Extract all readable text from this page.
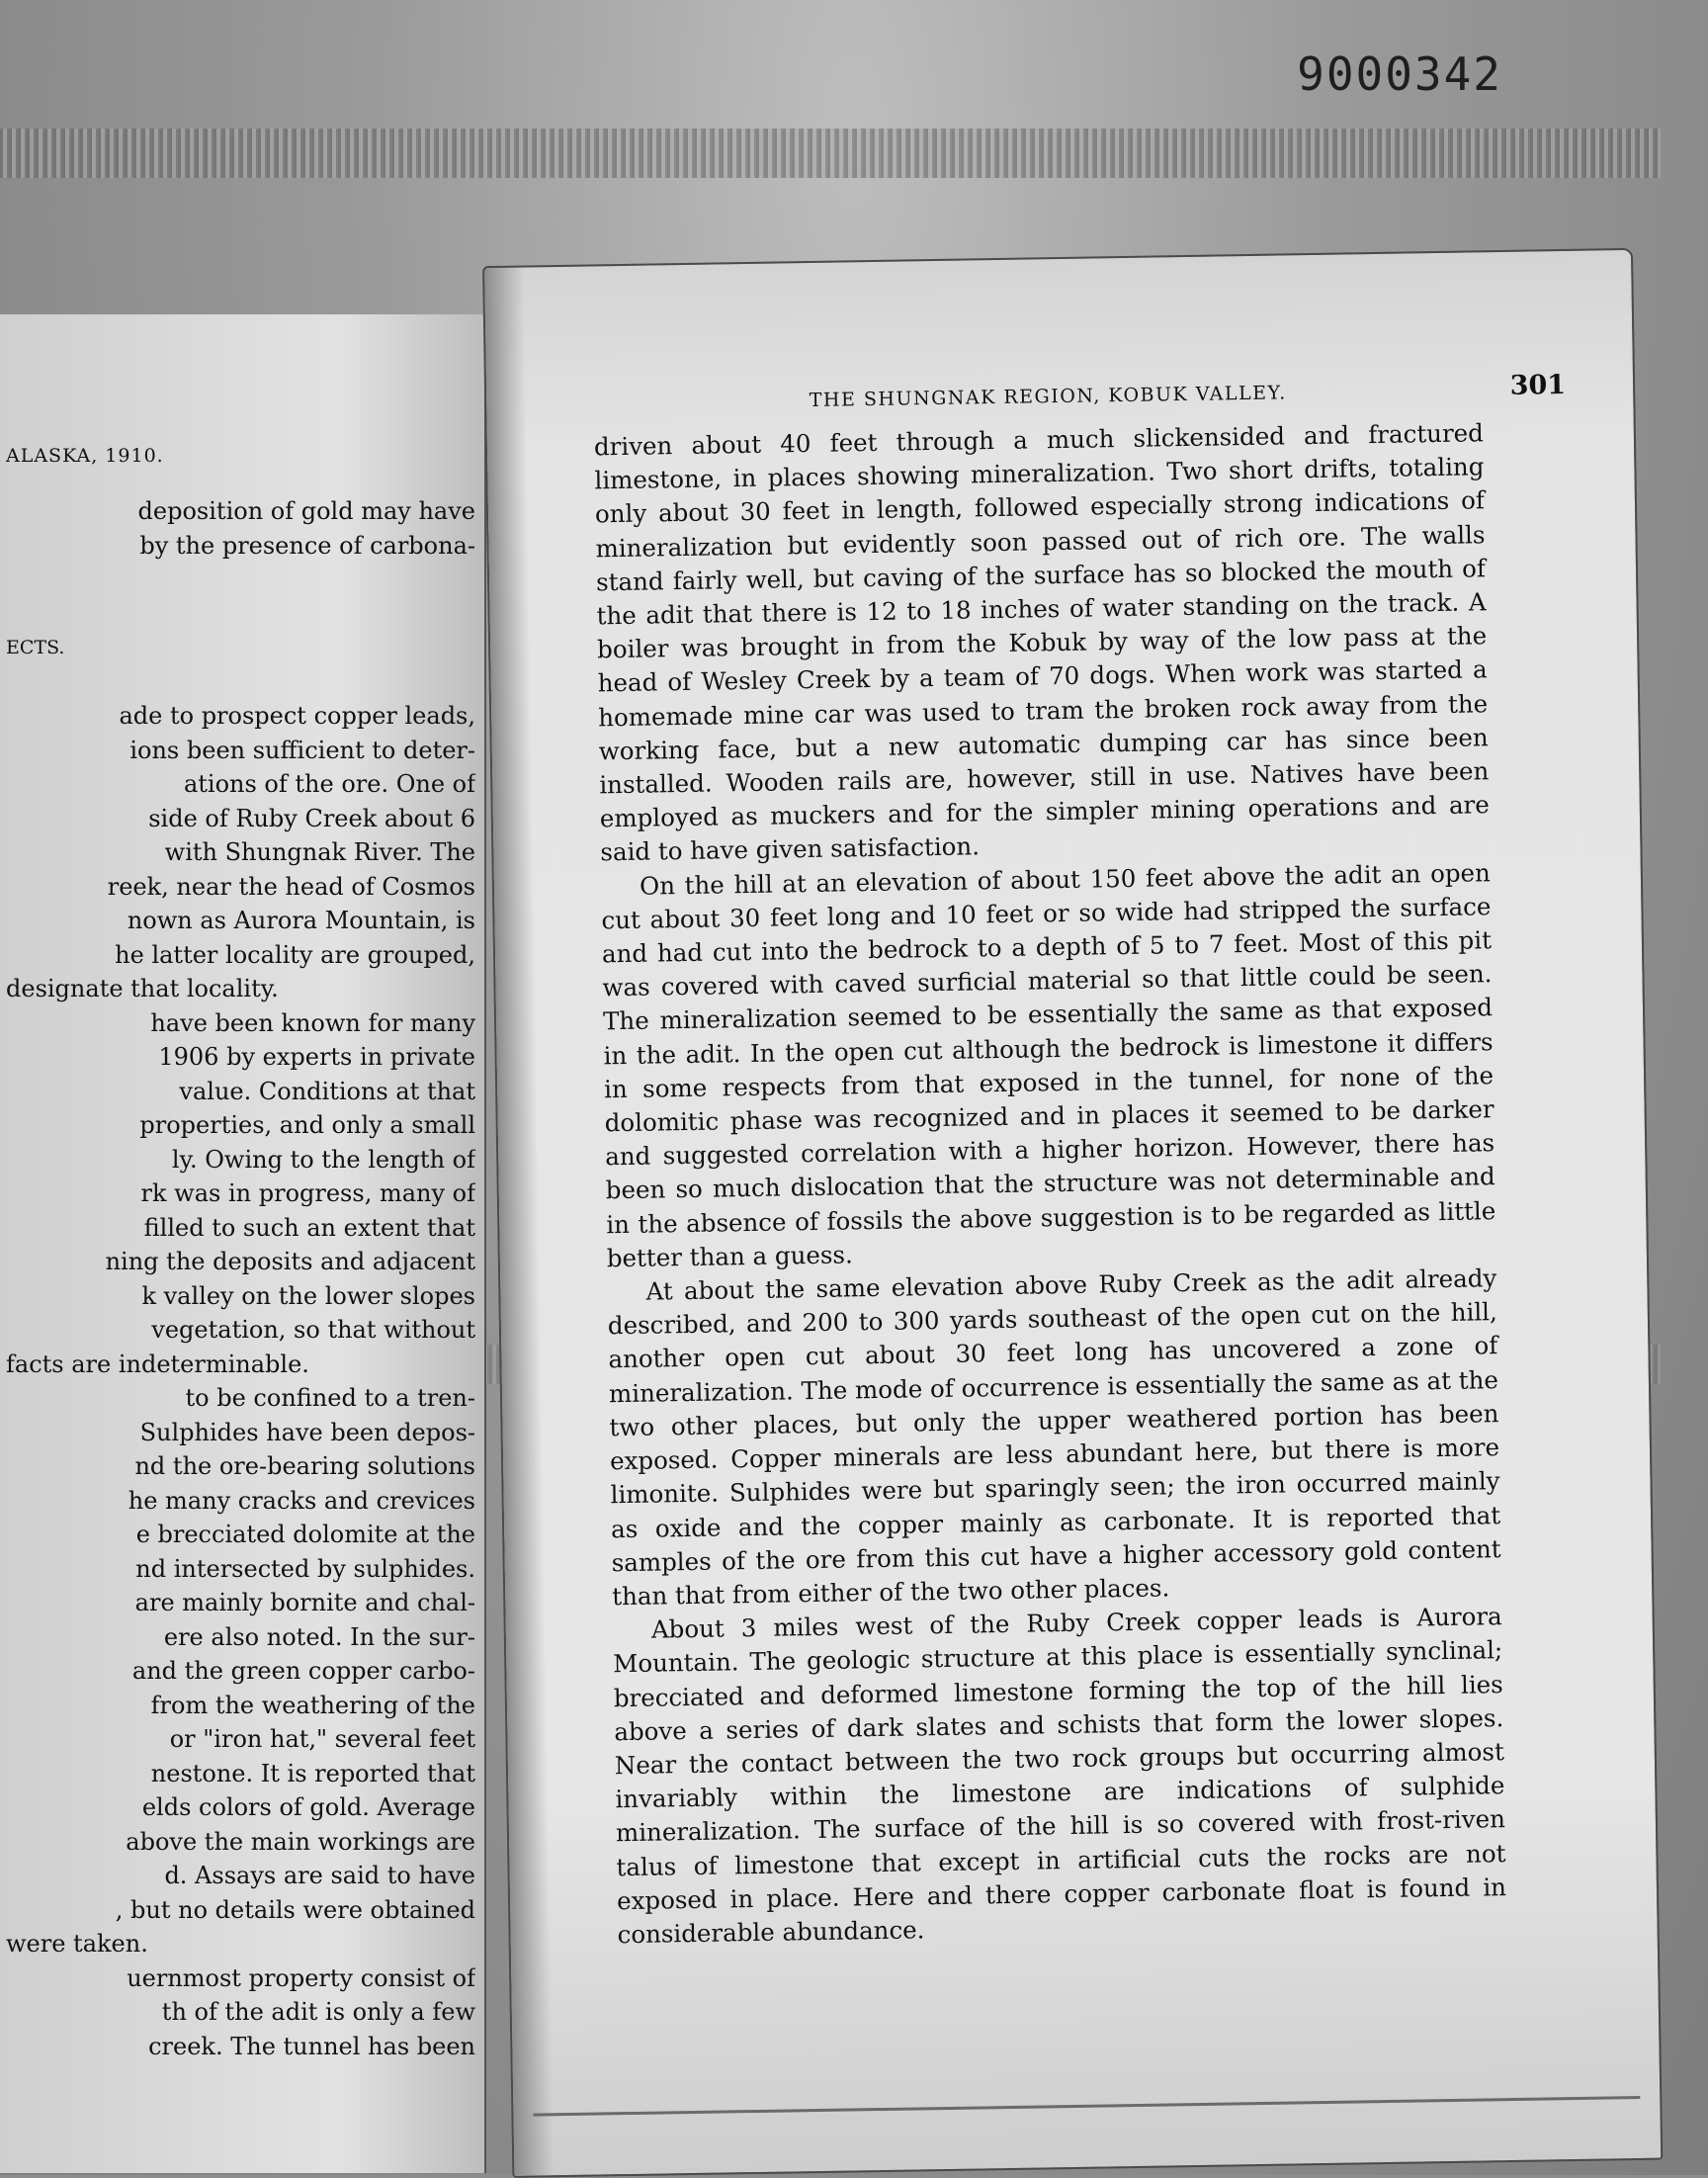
9000342
ALASKA, 1910.
deposition of gold may have
by the presence of carbona-

ECTS.

ade to prospect copper leads,
ions been sufficient to deter-
ations of the ore. One of
side of Ruby Creek about 6
with Shungnak River. The
reek, near the head of Cosmos
nown as Aurora Mountain, is
he latter locality are grouped,
designate that locality.
have been known for many
1906 by experts in private
value. Conditions at that
properties, and only a small
ly. Owing to the length of
rk was in progress, many of
filled to such an extent that
ning the deposits and adjacent
k valley on the lower slopes
vegetation, so that without
facts are indeterminable.
to be confined to a tren-
Sulphides have been depos-
nd the ore-bearing solutions
he many cracks and crevices
e brecciated dolomite at the
nd intersected by sulphides.
are mainly bornite and chal-
ere also noted. In the sur-
and the green copper carbo-
from the weathering of the
or "iron hat," several feet
nestone. It is reported that
elds colors of gold. Average
above the main workings are
d. Assays are said to have
, but no details were obtained
were taken.
uernmost property consist of
th of the adit is only a few
creek. The tunnel has been
THE SHUNGNAK REGION, KOBUK VALLEY.	301

driven about 40 feet through a much slickensided and fractured limestone, in places showing mineralization. Two short drifts, totaling only about 30 feet in length, followed especially strong indications of mineralization but evidently soon passed out of rich ore. The walls stand fairly well, but caving of the surface has so blocked the mouth of the adit that there is 12 to 18 inches of water standing on the track. A boiler was brought in from the Kobuk by way of the low pass at the head of Wesley Creek by a team of 70 dogs. When work was started a homemade mine car was used to tram the broken rock away from the working face, but a new automatic dumping car has since been installed. Wooden rails are, however, still in use. Natives have been employed as muckers and for the simpler mining operations and are said to have given satisfaction.

On the hill at an elevation of about 150 feet above the adit an open cut about 30 feet long and 10 feet or so wide had stripped the surface and had cut into the bedrock to a depth of 5 to 7 feet. Most of this pit was covered with caved surficial material so that little could be seen. The mineralization seemed to be essentially the same as that exposed in the adit. In the open cut although the bedrock is limestone it differs in some respects from that exposed in the tunnel, for none of the dolomitic phase was recognized and in places it seemed to be darker and suggested correlation with a higher horizon. However, there has been so much dislocation that the structure was not determinable and in the absence of fossils the above suggestion is to be regarded as little better than a guess.

At about the same elevation above Ruby Creek as the adit already described, and 200 to 300 yards southeast of the open cut on the hill, another open cut about 30 feet long has uncovered a zone of mineralization. The mode of occurrence is essentially the same as at the two other places, but only the upper weathered portion has been exposed. Copper minerals are less abundant here, but there is more limonite. Sulphides were but sparingly seen; the iron occurred mainly as oxide and the copper mainly as carbonate. It is reported that samples of the ore from this cut have a higher accessory gold content than that from either of the two other places.

About 3 miles west of the Ruby Creek copper leads is Aurora Mountain. The geologic structure at this place is essentially synclinal; brecciated and deformed limestone forming the top of the hill lies above a series of dark slates and schists that form the lower slopes. Near the contact between the two rock groups but occurring almost invariably within the limestone are indications of sulphide mineralization. The surface of the hill is so covered with frost-riven talus of limestone that except in artificial cuts the rocks are not exposed in place. Here and there copper carbonate float is found in considerable abundance.
